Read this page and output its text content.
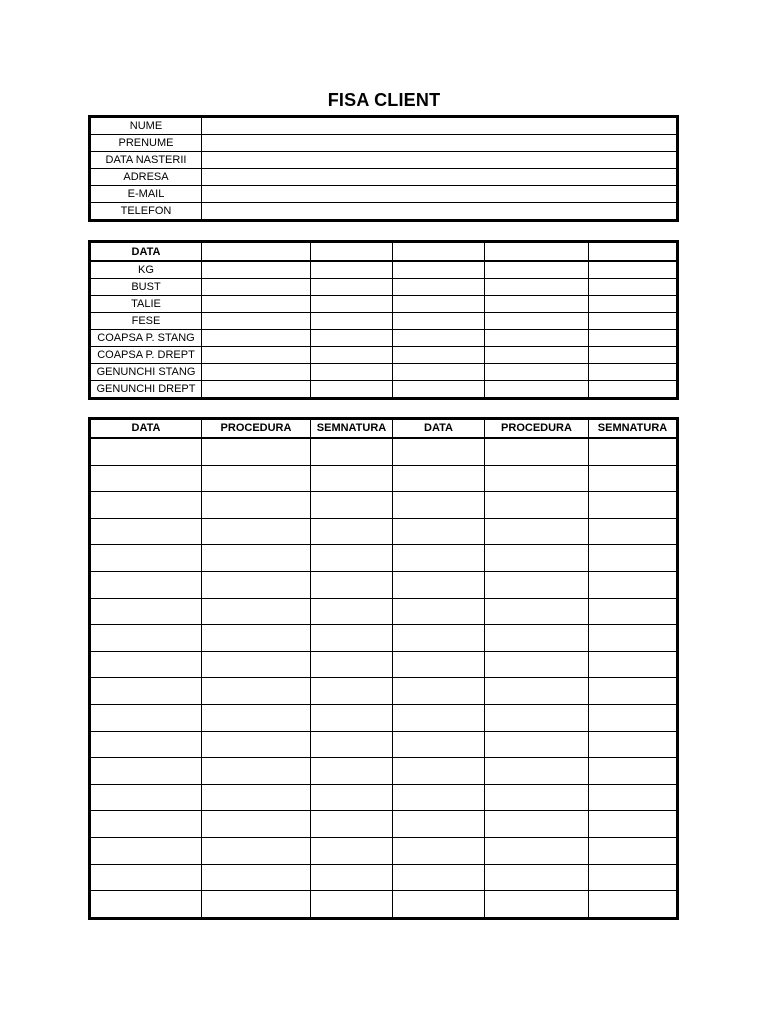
FISA CLIENT
NUME	
PRENUME	
DATA NASTERII	
ADRESA	
E-MAIL	
TELEFON	
DATA					
KG					
BUST					
TALIE					
FESE					
COAPSA P. STANG					
COAPSA P. DREPT					
GENUNCHI STANG					
GENUNCHI DREPT					
DATA	PROCEDURA	SEMNATURA	DATA	PROCEDURA	SEMNATURA
